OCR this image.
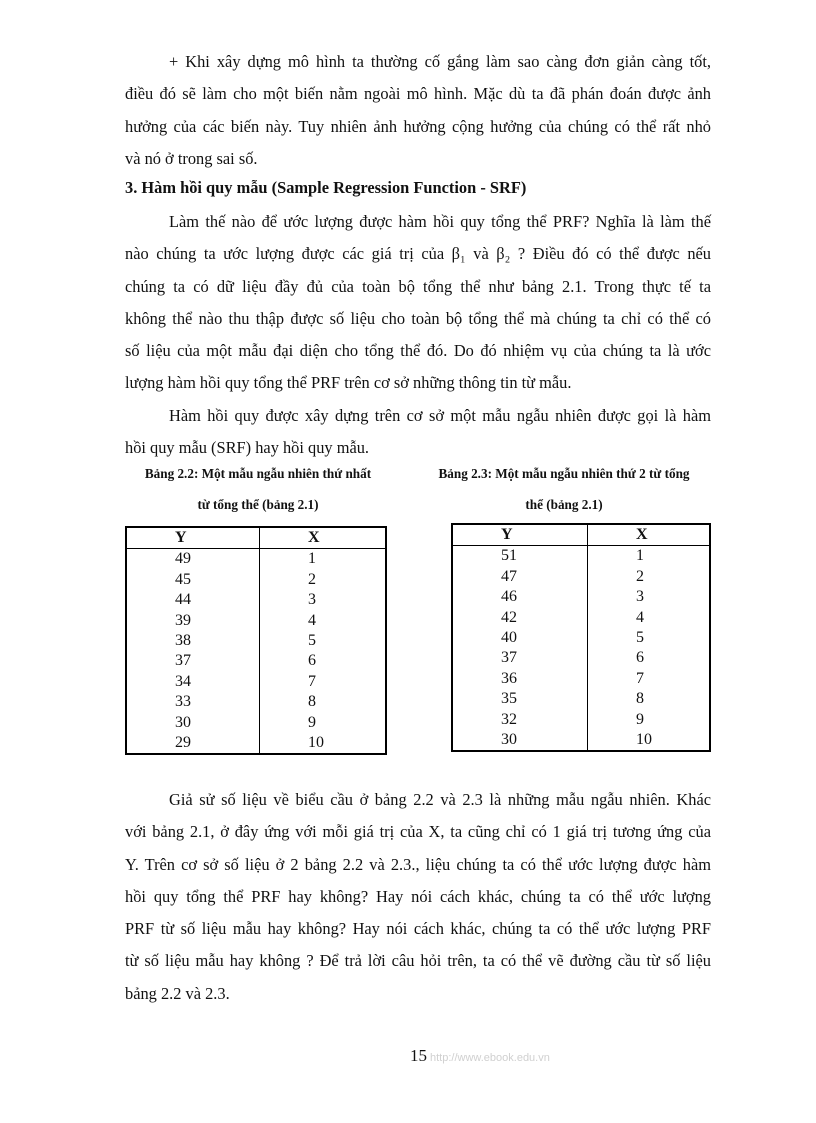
+ Khi xây dựng mô hình ta thường cố gắng làm sao càng đơn giản càng tốt,
điều đó sẽ làm cho một biến nằm ngoài mô hình. Mặc dù ta đã phán đoán được ảnh
hưởng của các biến này. Tuy nhiên ảnh hưởng cộng hưởng của chúng có thể rất nhỏ
và nó ở trong sai số.
3. Hàm hồi quy mẫu (Sample Regression Function - SRF)
Làm thế nào để ước lượng được hàm hồi quy tổng thể PRF? Nghĩa là làm thế
nào chúng ta ước lượng được các giá trị của β₁ và β₂ ? Điều đó có thể được nếu
chúng ta có dữ liệu đầy đủ của toàn bộ tổng thể như bảng 2.1. Trong thực tế ta
không thể nào thu thập được số liệu cho toàn bộ tổng thể mà chúng ta chỉ có thể có
số liệu của một mẫu đại diện cho tổng thể đó. Do đó nhiệm vụ của chúng ta là ước
lượng hàm hồi quy tổng thể PRF trên cơ sở những thông tin từ mẫu.
Hàm hồi quy được xây dựng trên cơ sở một mẫu ngẫu nhiên được gọi là hàm
hồi quy mẫu (SRF) hay hồi quy mẫu.
Bảng 2.2: Một mẫu ngẫu nhiên thứ nhất
từ tổng thể (bảng 2.1)
Bảng 2.3: Một mẫu ngẫu nhiên thứ 2 từ tổng
thể (bảng 2.1)
Y	X
49	1
45	2
44	3
39	4
38	5
37	6
34	7
33	8
30	9
29	10
Y	X
51	1
47	2
46	3
42	4
40	5
37	6
36	7
35	8
32	9
30	10
Giả sử số liệu về biểu cầu ở bảng 2.2 và 2.3 là những mẫu ngẫu nhiên. Khác
với bảng 2.1, ở đây ứng với mỗi giá trị của X, ta cũng chỉ có 1 giá trị tương ứng của
Y. Trên cơ sở số liệu ở 2 bảng 2.2 và 2.3., liệu chúng ta có thể ước lượng được hàm
hồi quy tổng thể PRF hay không? Hay nói cách khác, chúng ta có thể ước lượng
PRF từ số liệu mẫu hay không? Hay nói cách khác, chúng ta có thể ước lượng PRF
từ số liệu mẫu hay không ? Để trả lời câu hỏi trên, ta có thể vẽ đường cầu từ số liệu
bảng 2.2 và 2.3.
15 http://www.ebook.edu.vn
